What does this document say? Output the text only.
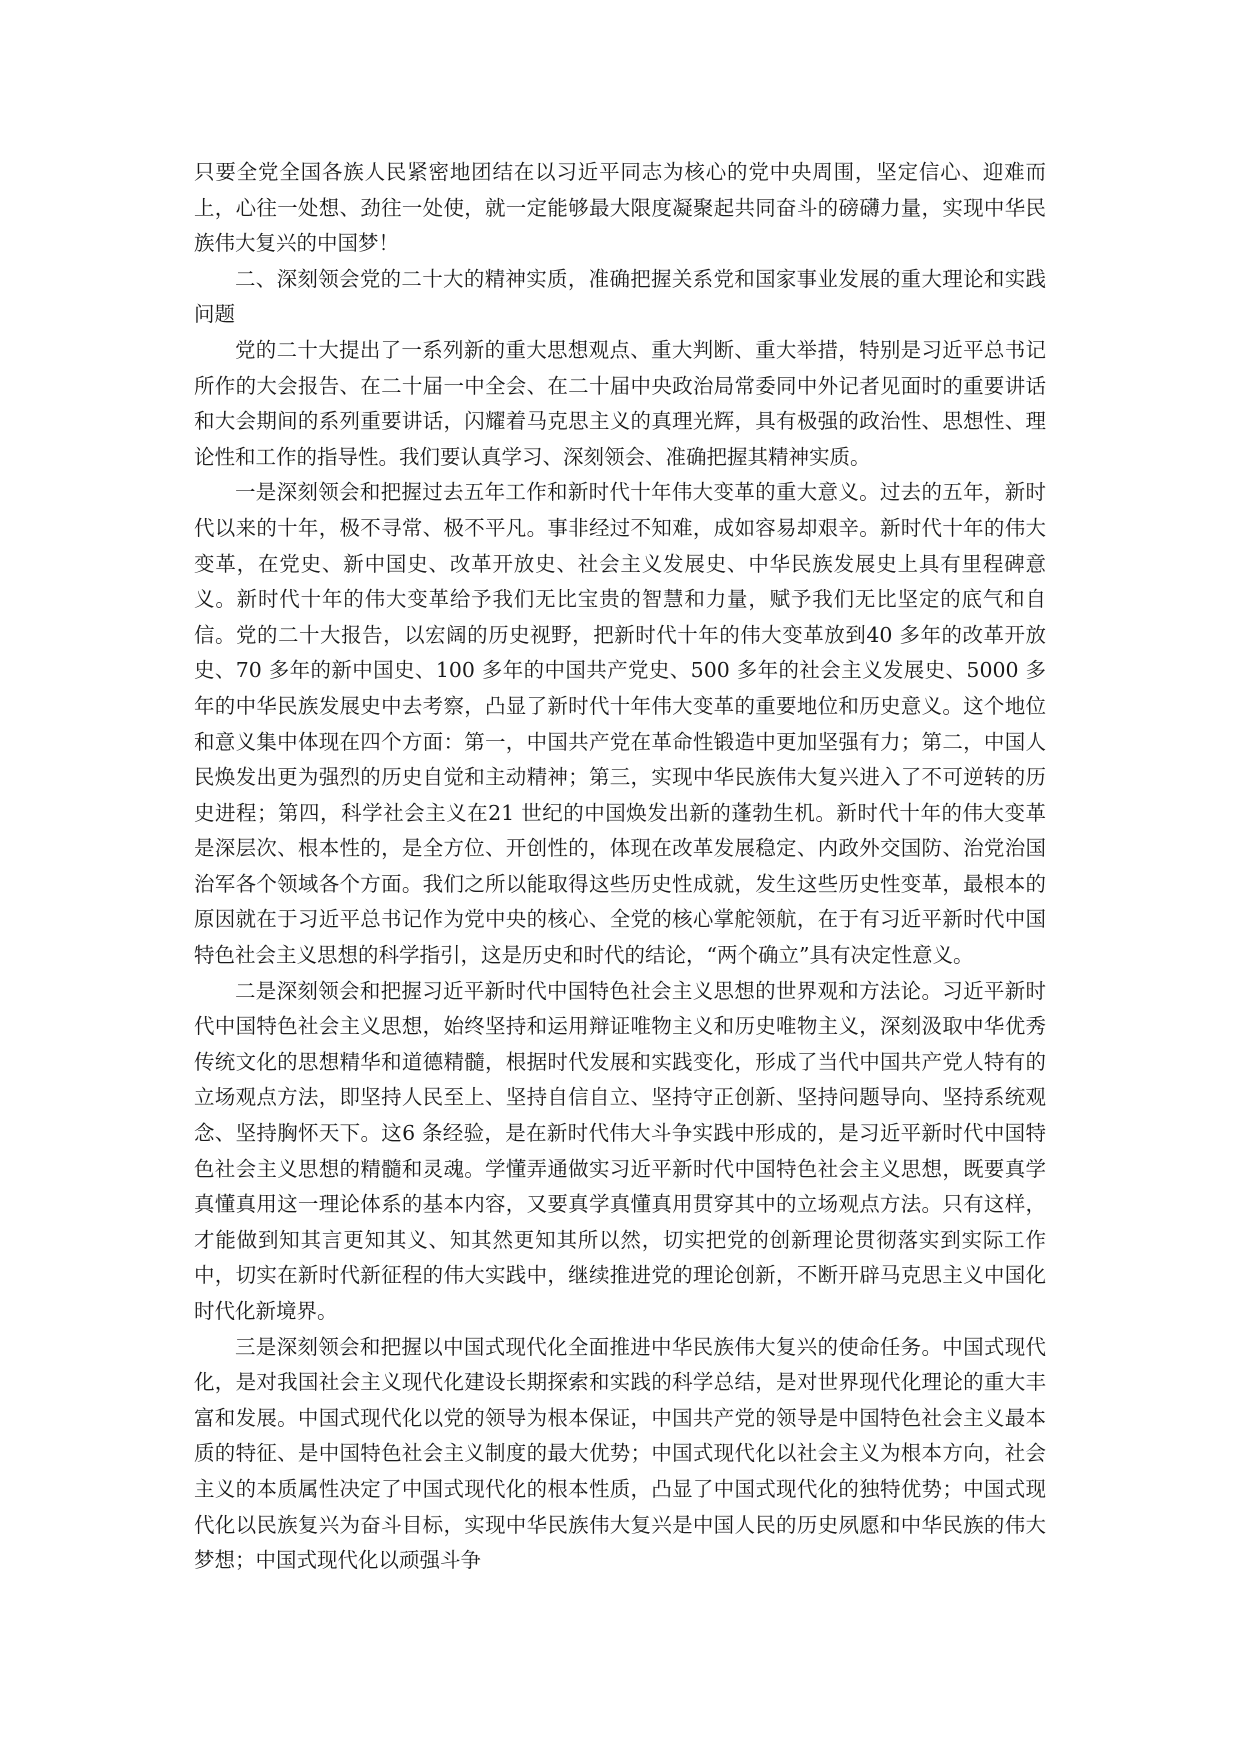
只要全党全国各族人民紧密地团结在以习近平同志为核心的党中央周围，坚定信心、迎难而上，心往一处想、劲往一处使，就一定能够最大限度凝聚起共同奋斗的磅礴力量，实现中华民族伟大复兴的中国梦！

二、深刻领会党的二十大的精神实质，准确把握关系党和国家事业发展的重大理论和实践问题

党的二十大提出了一系列新的重大思想观点、重大判断、重大举措，特别是习近平总书记所作的大会报告、在二十届一中全会、在二十届中央政治局常委同中外记者见面时的重要讲话和大会期间的系列重要讲话，闪耀着马克思主义的真理光辉，具有极强的政治性、思想性、理论性和工作的指导性。我们要认真学习、深刻领会、准确把握其精神实质。

一是深刻领会和把握过去五年工作和新时代十年伟大变革的重大意义。过去的五年，新时代以来的十年，极不寻常、极不平凡。事非经过不知难，成如容易却艰辛。新时代十年的伟大变革，在党史、新中国史、改革开放史、社会主义发展史、中华民族发展史上具有里程碑意义。新时代十年的伟大变革给予我们无比宝贵的智慧和力量，赋予我们无比坚定的底气和自信。党的二十大报告，以宏阔的历史视野，把新时代十年的伟大变革放到40 多年的改革开放史、70 多年的新中国史、100 多年的中国共产党史、500 多年的社会主义发展史、5000 多年的中华民族发展史中去考察，凸显了新时代十年伟大变革的重要地位和历史意义。这个地位和意义集中体现在四个方面：第一，中国共产党在革命性锻造中更加坚强有力；第二，中国人民焕发出更为强烈的历史自觉和主动精神；第三，实现中华民族伟大复兴进入了不可逆转的历史进程；第四，科学社会主义在21 世纪的中国焕发出新的蓬勃生机。新时代十年的伟大变革是深层次、根本性的，是全方位、开创性的，体现在改革发展稳定、内政外交国防、治党治国治军各个领域各个方面。我们之所以能取得这些历史性成就，发生这些历史性变革，最根本的原因就在于习近平总书记作为党中央的核心、全党的核心掌舵领航，在于有习近平新时代中国特色社会主义思想的科学指引，这是历史和时代的结论，“两个确立”具有决定性意义。

二是深刻领会和把握习近平新时代中国特色社会主义思想的世界观和方法论。习近平新时代中国特色社会主义思想，始终坚持和运用辩证唯物主义和历史唯物主义，深刻汲取中华优秀传统文化的思想精华和道德精髓，根据时代发展和实践变化，形成了当代中国共产党人特有的立场观点方法，即坚持人民至上、坚持自信自立、坚持守正创新、坚持问题导向、坚持系统观念、坚持胸怀天下。这6 条经验，是在新时代伟大斗争实践中形成的，是习近平新时代中国特色社会主义思想的精髓和灵魂。学懂弄通做实习近平新时代中国特色社会主义思想，既要真学真懂真用这一理论体系的基本内容，又要真学真懂真用贯穿其中的立场观点方法。只有这样，才能做到知其言更知其义、知其然更知其所以然，切实把党的创新理论贯彻落实到实际工作中，切实在新时代新征程的伟大实践中，继续推进党的理论创新，不断开辟马克思主义中国化时代化新境界。

三是深刻领会和把握以中国式现代化全面推进中华民族伟大复兴的使命任务。中国式现代化，是对我国社会主义现代化建设长期探索和实践的科学总结，是对世界现代化理论的重大丰富和发展。中国式现代化以党的领导为根本保证，中国共产党的领导是中国特色社会主义最本质的特征、是中国特色社会主义制度的最大优势；中国式现代化以社会主义为根本方向，社会主义的本质属性决定了中国式现代化的根本性质，凸显了中国式现代化的独特优势；中国式现代化以民族复兴为奋斗目标，实现中华民族伟大复兴是中国人民的历史夙愿和中华民族的伟大梦想；中国式现代化以顽强斗争
